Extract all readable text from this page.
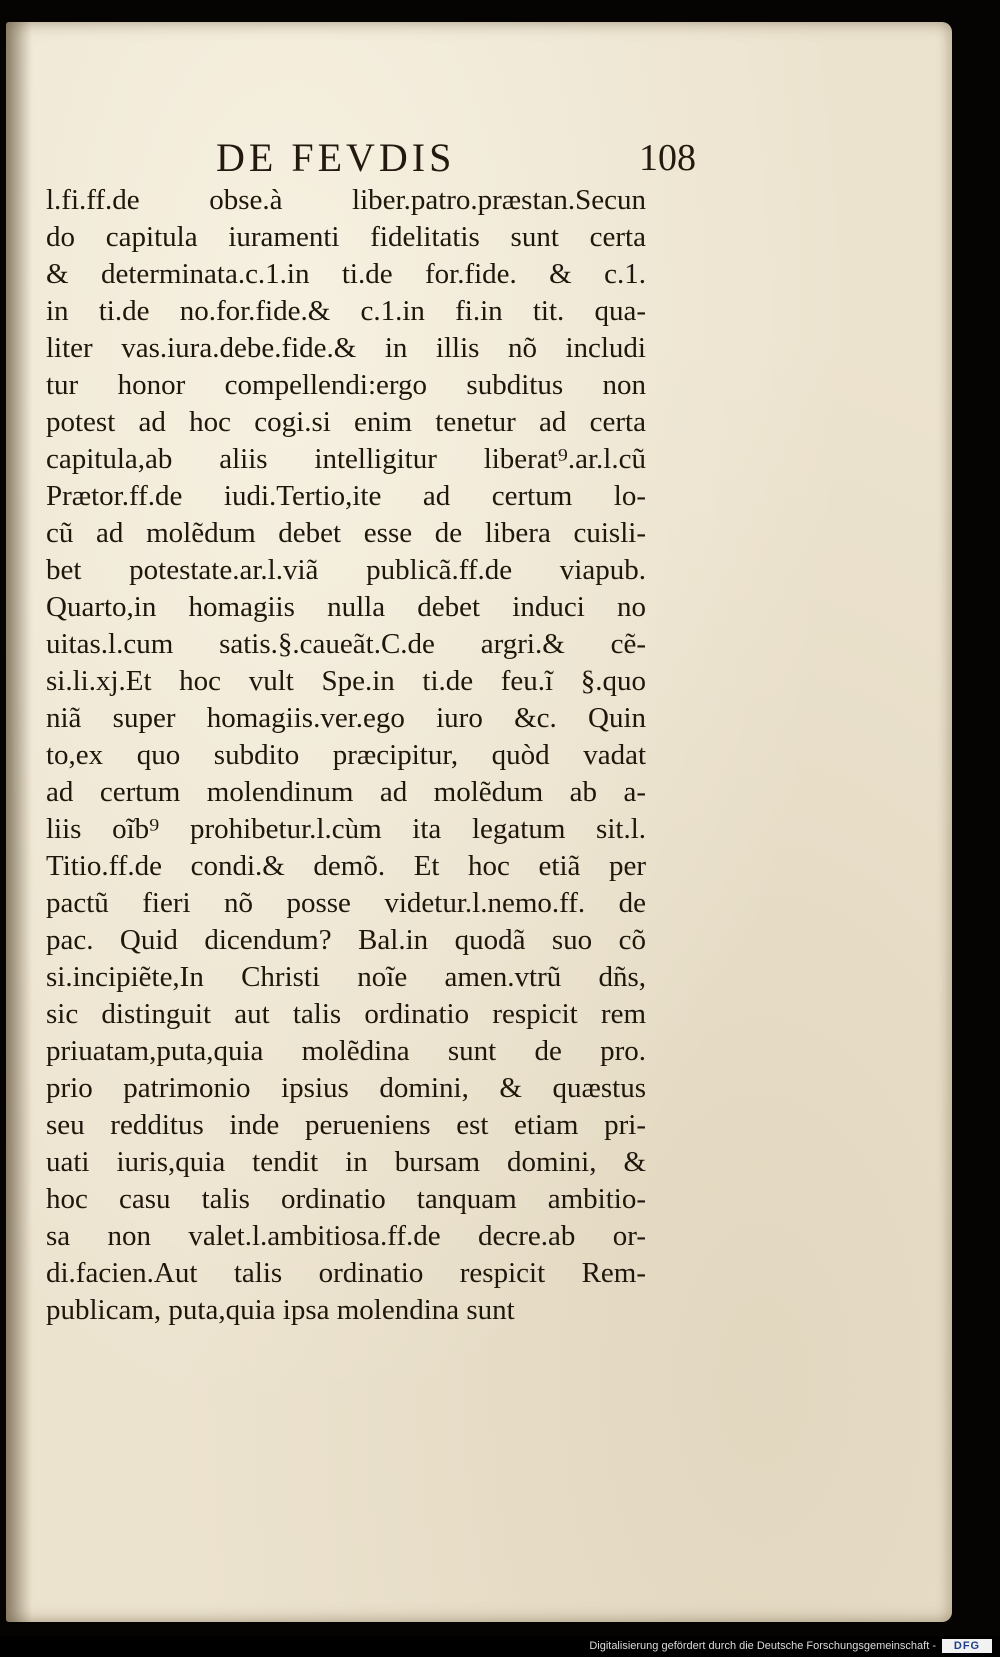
DE FEVDIS	108
l.fi.ff.de obse.à liber.patro.præstan.Secun
do capitula iuramenti fidelitatis sunt certa
& determinata.c.1.in ti.de for.fide. & c.1.
in ti.de no.for.fide.& c.1.in fi.in tit. qua-
liter vas.iura.debe.fide.& in illis nõ includi
tur honor compellendi:ergo subditus non
potest ad hoc cogi.si enim tenetur ad certa
capitula,ab aliis intelligitur liberat⁹.ar.l.cũ
Prætor.ff.de iudi.Tertio,ite ad certum lo-
cũ ad molẽdum debet esse de libera cuisli-
bet potestate.ar.l.viã publicã.ff.de viapub.
Quarto,in homagiis nulla debet induci no
uitas.l.cum satis.§.caueãt.C.de argri.& cẽ-
si.li.xj.Et hoc vult Spe.in ti.de feu.ĩ §.quo
niã super homagiis.ver.ego iuro &c. Quin
to,ex quo subdito præcipitur, quòd vadat
ad certum molendinum ad molẽdum ab a-
liis oĩb⁹ prohibetur.l.cùm ita legatum sit.l.
Titio.ff.de condi.& demõ. Et hoc etiã per
pactũ fieri nõ posse videtur.l.nemo.ff. de
pac. Quid dicendum? Bal.in quodã suo cõ
si.incipiẽte,In Christi noĩe amen.vtrũ dñs,
sic distinguit aut talis ordinatio respicit rem
priuatam,puta,quia molẽdina sunt de pro.
prio patrimonio ipsius domini, & quæstus
seu redditus inde perueniens est etiam pri-
uati iuris,quia tendit in bursam domini, &
hoc casu talis ordinatio tanquam ambitio-
sa non valet.l.ambitiosa.ff.de decre.ab or-
di.facien.Aut talis ordinatio respicit Rem-
publicam, puta,quia ipsa molendina sunt
Digitalisierung gefördert durch die Deutsche Forschungsgemeinschaft -	DFG
